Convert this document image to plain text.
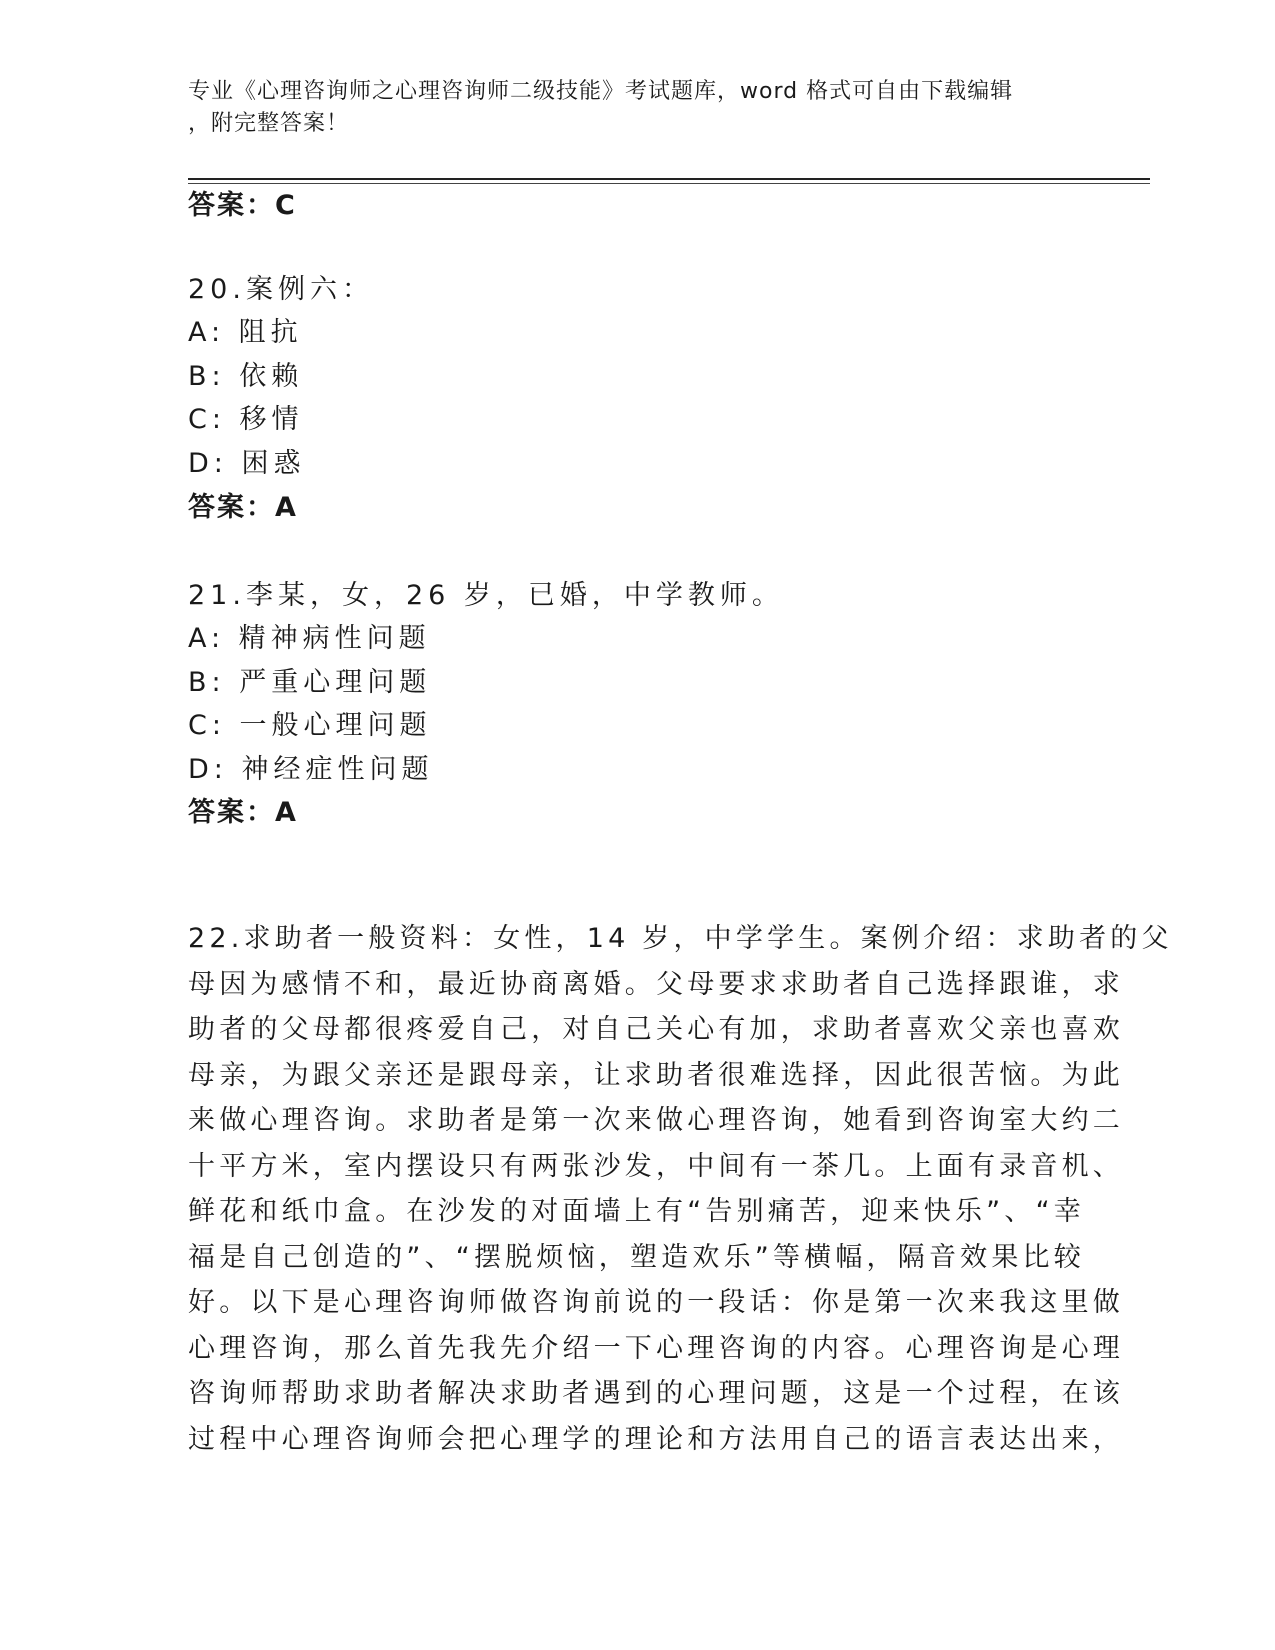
专业《心理咨询师之心理咨询师二级技能》考试题库，word 格式可自由下载编辑
，附完整答案！
答案：C
20.案例六：
A: 阻抗
B: 依赖
C: 移情
D: 困惑
答案：A
21.李某，女，26 岁，已婚，中学教师。
A: 精神病性问题
B: 严重心理问题
C: 一般心理问题
D: 神经症性问题
答案：A
22.求助者一般资料：女性，14 岁，中学学生。案例介绍：求助者的父
母因为感情不和，最近协商离婚。父母要求求助者自己选择跟谁，求
助者的父母都很疼爱自己，对自己关心有加，求助者喜欢父亲也喜欢
母亲，为跟父亲还是跟母亲，让求助者很难选择，因此很苦恼。为此
来做心理咨询。求助者是第一次来做心理咨询，她看到咨询室大约二
十平方米，室内摆设只有两张沙发，中间有一茶几。上面有录音机、
鲜花和纸巾盒。在沙发的对面墙上有“告别痛苦，迎来快乐”、“幸
福是自己创造的”、“摆脱烦恼，塑造欢乐”等横幅，隔音效果比较
好。以下是心理咨询师做咨询前说的一段话：你是第一次来我这里做
心理咨询，那么首先我先介绍一下心理咨询的内容。心理咨询是心理
咨询师帮助求助者解决求助者遇到的心理问题，这是一个过程，在该
过程中心理咨询师会把心理学的理论和方法用自己的语言表达出来，
